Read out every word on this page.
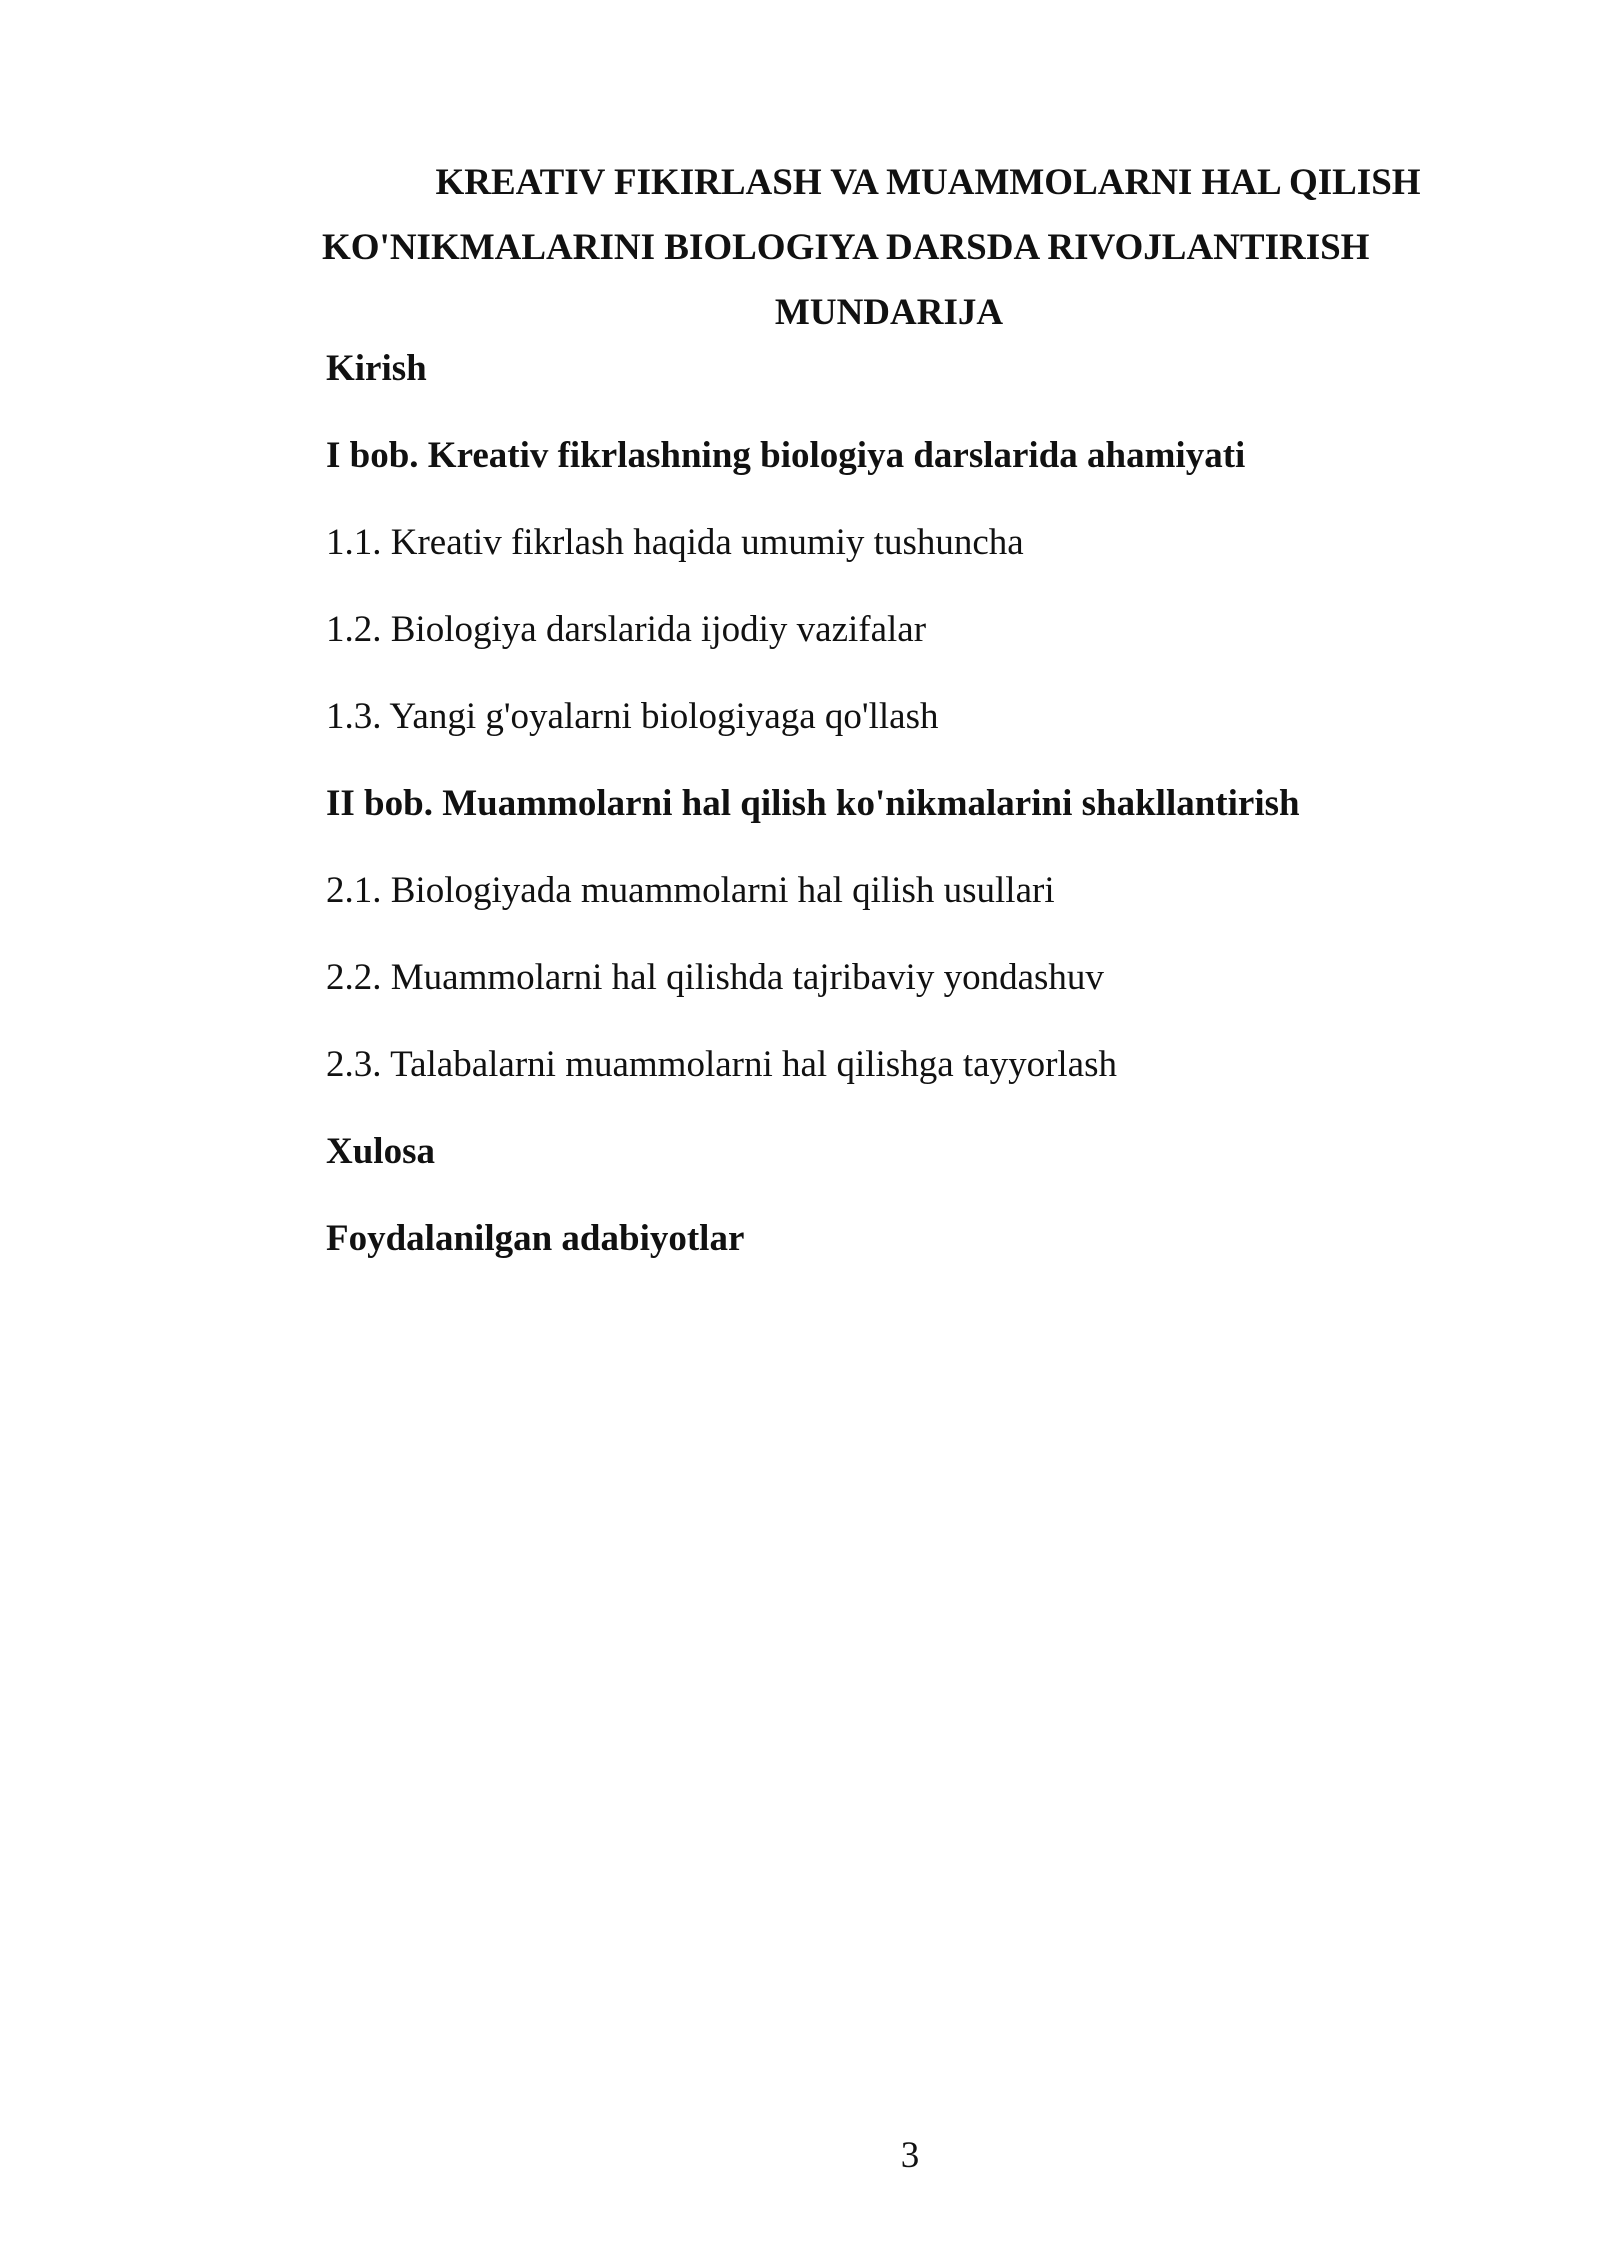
KREATIV FIKIRLASH VA MUAMMOLARNI HAL QILISH
KO'NIKMALARINI BIOLOGIYA DARSDA RIVOJLANTIRISH
MUNDARIJA
Kirish
I bob. Kreativ fikrlashning biologiya darslarida ahamiyati
1.1. Kreativ fikrlash haqida umumiy tushuncha
1.2. Biologiya darslarida ijodiy vazifalar
1.3. Yangi g'oyalarni biologiyaga qo'llash
II bob. Muammolarni hal qilish ko'nikmalarini shakllantirish
2.1. Biologiyada muammolarni hal qilish usullari
2.2. Muammolarni hal qilishda tajribaviy yondashuv
2.3. Talabalarni muammolarni hal qilishga tayyorlash
Xulosa
Foydalanilgan adabiyotlar
3
